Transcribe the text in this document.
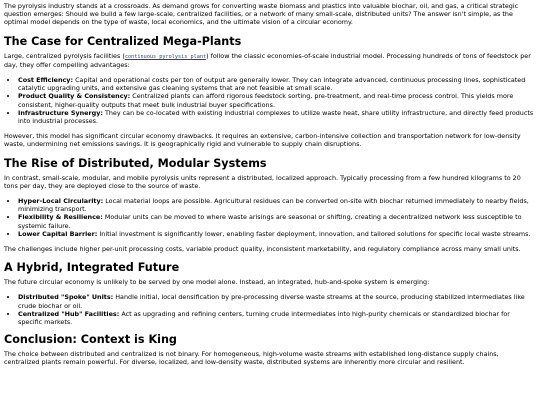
The pyrolysis industry stands at a crossroads. As demand grows for converting waste biomass and plastics into valuable biochar, oil, and gas, a critical strategic question emerges: Should we build a few large-scale, centralized facilities, or a network of many small-scale, distributed units? The answer isn't simple, as the optimal model depends on the type of waste, local economics, and the ultimate vision of a circular economy.

The Case for Centralized Mega-Plants

Large, centralized pyrolysis facilities (continuous pyrolysis plant) follow the classic economies-of-scale industrial model. Processing hundreds of tons of feedstock per day, they offer compelling advantages:

• Cost Efficiency: Capital and operational costs per ton of output are generally lower. They can integrate advanced, continuous processing lines, sophisticated catalytic upgrading units, and extensive gas cleaning systems that are not feasible at small scale.
• Product Quality & Consistency: Centralized plants can afford rigorous feedstock sorting, pre-treatment, and real-time process control. This yields more consistent, higher-quality outputs that meet bulk industrial buyer specifications.
• Infrastructure Synergy: They can be co-located with existing industrial complexes to utilize waste heat, share utility infrastructure, and directly feed products into industrial processes.

However, this model has significant circular economy drawbacks. It requires an extensive, carbon-intensive collection and transportation network for low-density waste, undermining net emissions savings. It is geographically rigid and vulnerable to supply chain disruptions.

The Rise of Distributed, Modular Systems

In contrast, small-scale, modular, and mobile pyrolysis units represent a distributed, localized approach. Typically processing from a few hundred kilograms to 20 tons per day, they are deployed close to the source of waste.

• Hyper-Local Circularity: Local material loops are possible. Agricultural residues can be converted on-site with biochar returned immediately to nearby fields, minimizing transport.
• Flexibility & Resilience: Modular units can be moved to where waste arisings are seasonal or shifting, creating a decentralized network less susceptible to systemic failure.
• Lower Capital Barrier: Initial investment is significantly lower, enabling faster deployment, innovation, and tailored solutions for specific local waste streams.

The challenges include higher per-unit processing costs, variable product quality, inconsistent marketability, and regulatory compliance across many small units.

A Hybrid, Integrated Future

The future circular economy is unlikely to be served by one model alone. Instead, an integrated, hub-and-spoke system is emerging:

• Distributed "Spoke" Units: Handle initial, local densification by pre-processing diverse waste streams at the source, producing stabilized intermediates like crude biochar or oil.
• Centralized "Hub" Facilities: Act as upgrading and refining centers, turning crude intermediates into high-purity chemicals or standardized biochar for specific markets.
Conclusion: Context is King

The choice between distributed and centralized is not binary. For homogeneous, high-volume waste streams with established long-distance supply chains, centralized plants remain powerful. For diverse, localized, and low-density waste, distributed systems are inherently more circular and resilient.
